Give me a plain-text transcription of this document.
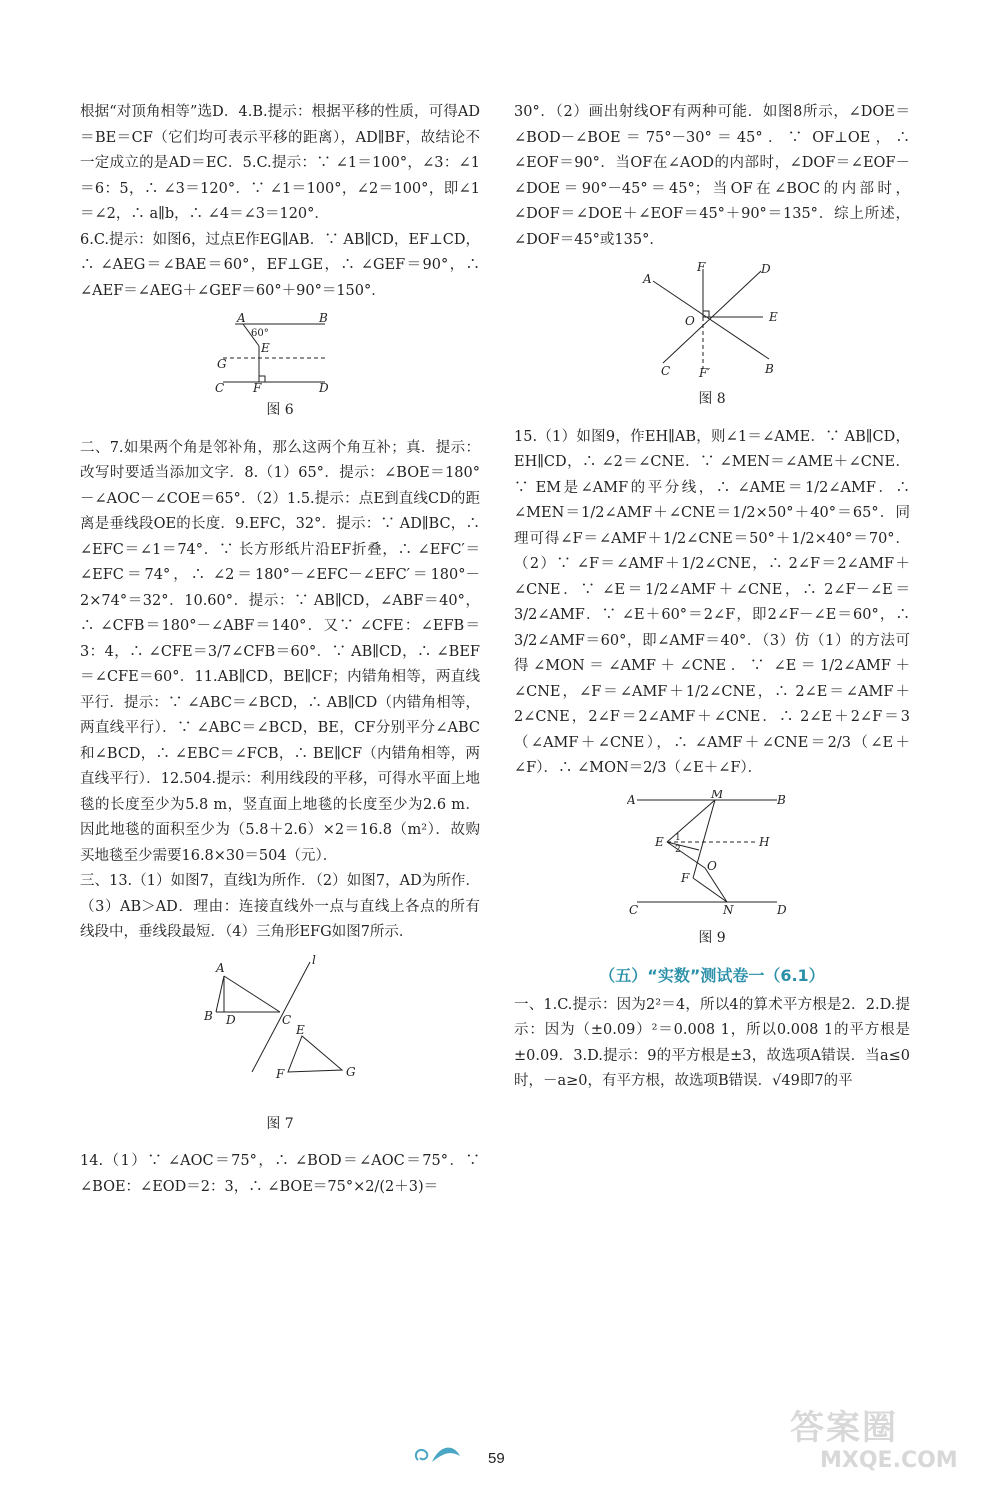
根据“对顶角相等”选D．4.B.提示：根据平移的性质，可得AD＝BE＝CF（它们均可表示平移的距离），AD∥BF，故结论不一定成立的是AD＝EC．5.C.提示：∵ ∠1＝100°，∠3：∠1＝6：5，∴ ∠3＝120°．∵ ∠1＝100°，∠2＝100°，即∠1＝∠2，∴ a∥b，∴ ∠4＝∠3＝120°．

6.C.提示：如图6，过点E作EG∥AB．∵ AB∥CD，EF⊥CD，∴ ∠AEG＝∠BAE＝60°，EF⊥GE，∴ ∠GEF＝90°，∴ ∠AEF＝∠AEG＋∠GEF＝60°＋90°＝150°．

A	B
60°
E
G
C F	D
图 6

二、7.如果两个角是邻补角，那么这两个角互补；真．提示：改写时要适当添加文字．8.（1）65°．提示：∠BOE＝180°－∠AOC－∠COE＝65°．（2）1.5.提示：点E到直线CD的距离是垂线段OE的长度．9.EFC，32°．提示：∵ AD∥BC，∴ ∠EFC＝∠1＝74°．∵ 长方形纸片沿EF折叠，∴ ∠EFC′＝∠EFC＝74°，∴ ∠2＝180°－∠EFC－∠EFC′＝180°－2×74°＝32°．10.60°．提示：∵ AB∥CD，∠ABF＝40°，∴ ∠CFB＝180°－∠ABF＝140°．又∵ ∠CFE：∠EFB＝3：4，∴ ∠CFE＝3/7∠CFB＝60°．∵ AB∥CD，∴ ∠BEF＝∠CFE＝60°．11.AB∥CD，BE∥CF；内错角相等，两直线平行．提示：∵ ∠ABC＝∠BCD，∴ AB∥CD（内错角相等，两直线平行）．∵ ∠ABC＝∠BCD，BE，CF分别平分∠ABC和∠BCD，∴ ∠EBC＝∠FCB，∴ BE∥CF（内错角相等，两直线平行）．12.504.提示：利用线段的平移，可得水平面上地毯的长度至少为5.8 m，竖直面上地毯的长度至少为2.6 m．因此地毯的面积至少为（5.8＋2.6）×2＝16.8（m²）．故购买地毯至少需要16.8×30＝504（元）．

三、13.（1）如图7，直线l为所作．（2）如图7，AD为所作．（3）AB＞AD．理由：连接直线外一点与直线上各点的所有线段中，垂线段最短．（4）三角形EFG如图7所示．

A
B D	C
E
F	G
l
图 7

14.（1）∵ ∠AOC＝75°，∴ ∠BOD＝∠AOC＝75°．∵ ∠BOE：∠EOD＝2：3，∴ ∠BOE＝75°×2/(2＋3)＝

30°．（2）画出射线OF有两种可能．如图8所示，∠DOE＝∠BOD－∠BOE＝75°－30°＝45°．∵ OF⊥OE，∴ ∠EOF＝90°．当OF在∠AOD的内部时，∠DOF＝∠EOF－∠DOE＝90°－45°＝45°；当OF在∠BOC的内部时，∠DOF＝∠DOE＋∠EOF＝45°＋90°＝135°．综上所述，∠DOF＝45°或135°．

A
F	D
O	E
C F′	B
图 8

15.（1）如图9，作EH∥AB，则∠1＝∠AME．∵ AB∥CD，EH∥CD，∴ ∠2＝∠CNE．∵ ∠MEN＝∠AME＋∠CNE．∵ EM是∠AMF的平分线，∴ ∠AME＝1/2∠AMF．∴ ∠MEN＝1/2∠AMF＋∠CNE＝1/2×50°＋40°＝65°．同理可得∠F＝∠AMF＋1/2∠CNE＝50°＋1/2×40°＝70°．（2）∵ ∠F＝∠AMF＋1/2∠CNE，∴ 2∠F＝2∠AMF＋∠CNE．∵ ∠E＝1/2∠AMF＋∠CNE，∴ 2∠F－∠E＝3/2∠AMF．∵ ∠E＋60°＝2∠F，即2∠F－∠E＝60°，∴ 3/2∠AMF＝60°，即∠AMF＝40°．（3）仿（1）的方法可得∠MON＝∠AMF＋∠CNE．∵ ∠E＝1/2∠AMF＋∠CNE，∠F＝∠AMF＋1/2∠CNE，∴ 2∠E＝∠AMF＋2∠CNE，2∠F＝2∠AMF＋∠CNE．∴ 2∠E＋2∠F＝3（∠AMF＋∠CNE），∴ ∠AMF＋∠CNE＝2/3（∠E＋∠F）．∴ ∠MON＝2/3（∠E＋∠F）．

A	M	B
E 1
2
H
O
F
C	N	D
图 9
（五）“实数”测试卷一（6.1）

一、1.C.提示：因为2²＝4，所以4的算术平方根是2．2.D.提示：因为（±0.09）²＝0.008 1，所以0.008 1的平方根是±0.09．3.D.提示：9的平方根是±3，故选项A错误．当a≤0时，－a≥0，有平方根，故选项B错误．√49即7的平

59
答案圈
MXQE.COM
